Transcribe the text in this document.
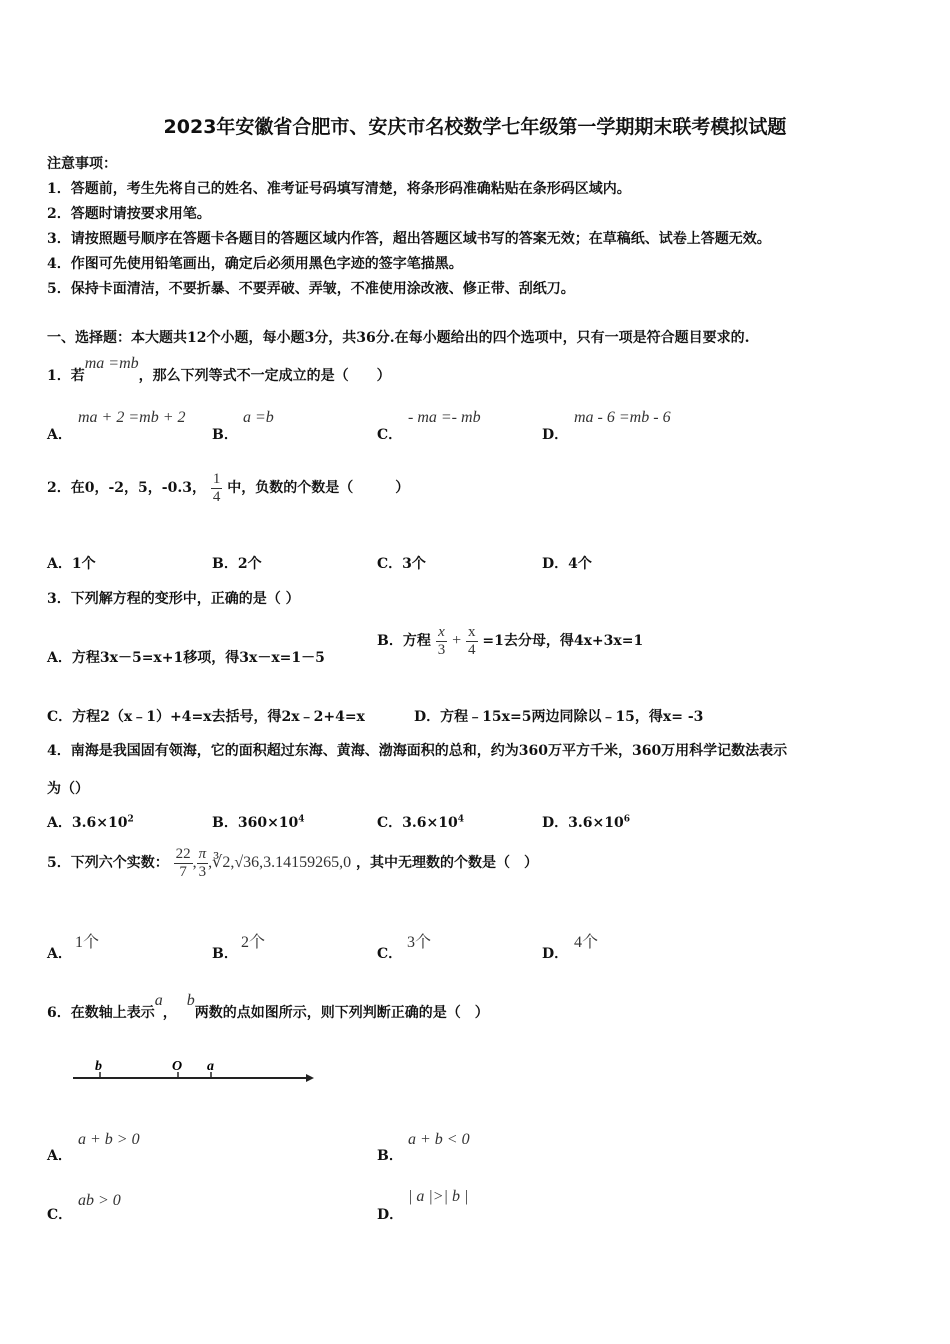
2023年安徽省合肥市、安庆市名校数学七年级第一学期期末联考模拟试题
注意事项：
1．答题前，考生先将自己的姓名、准考证号码填写清楚，将条形码准确粘贴在条形码区域内。
2．答题时请按要求用笔。
3．请按照题号顺序在答题卡各题目的答题区域内作答，超出答题区域书写的答案无效；在草稿纸、试卷上答题无效。
4．作图可先使用铅笔画出，确定后必须用黑色字迹的签字笔描黑。
5．保持卡面清洁，不要折暴、不要弄破、弄皱，不准使用涂改液、修正带、刮纸刀。
一、选择题：本大题共12个小题，每小题3分，共36分.在每小题给出的四个选项中，只有一项是符合题目要求的.
1．若ma =mb，那么下列等式不一定成立的是（　　）
A．
ma + 2 =mb + 2
B．
a =b
C．
- ma =- mb
D．
ma - 6 =mb - 6
2．在0，-2，5，-0.3， $\frac{1}{4}$ 中，负数的个数是（　　　）
A．1个	B．2个	C．3个	D．4个
3．下列解方程的变形中，正确的是（ ）
A．方程3x－5=x+1移项，得3x－x=1－5
B．方程 $\frac{x}{3} + \frac{x}{4} =1$去分母，得4x+3x=1
C．方程2（x﹣1）+4=x去括号，得2x﹣2+4=x	D．方程﹣15x=5两边同除以﹣15，得x= -3
4．南海是我国固有领海，它的面积超过东海、黄海、渤海面积的总和，约为360万平方千米，360万用科学记数法表示
为（）
A．$3.6\times 10^2$	B．$360\times 10^4$	C．$3.6\times 10^4$	D．$3.6\times 10^6$
5．下列六个实数： $\frac{22}{7}$ , $\frac{\pi}{3}$ ,∛2,√36,3.14159265,0 ，其中无理数的个数是（　）
A．
1个
B．
2个
C．
3个
D．
4个
6．在数轴上表示a，b两数的点如图所示，则下列判断正确的是（　）
b	O a
A．
a + b > 0
B．
a + b < 0
C．
ab > 0
D．
| a |>| b |
